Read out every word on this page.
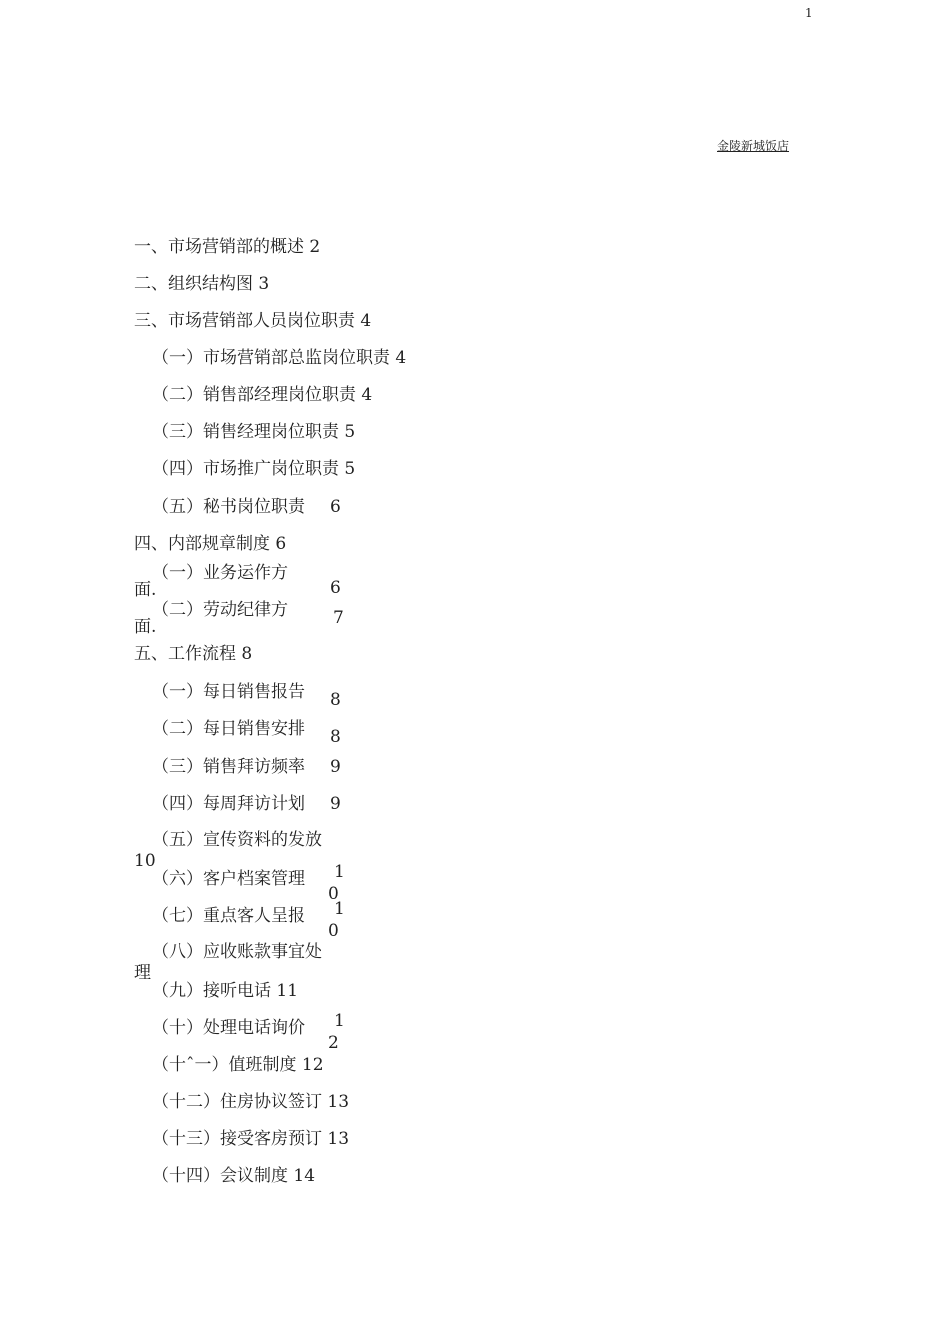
1
金陵新城饭店
一、市场营销部的概述 2
二、组织结构图 3
三、市场营销部人员岗位职责 4
（一）市场营销部总监岗位职责 4
（二）销售部经理岗位职责 4
（三）销售经理岗位职责 5
（四）市场推广岗位职责 5
（五）秘书岗位职责 6
四、内部规章制度 6
（一）业务运作方
面.	6
（二）劳动纪律方
面.	7
五、工作流程 8
（一）每日销售报告 8
（二）每日销售安排 8
（三）销售拜访频率 9
（四）每周拜访计划 9
（五）宣传资料的发放
10
（六）客户档案管理 1
0
（七）重点客人呈报 1
0
（八）应收账款事宜处
理
（九）接听电话 11
（十）处理电话询价 1
2
（十ˆ一）值班制度 12
（十二）住房协议签订 13
（十三）接受客房预订 13
（十四）会议制度 14
